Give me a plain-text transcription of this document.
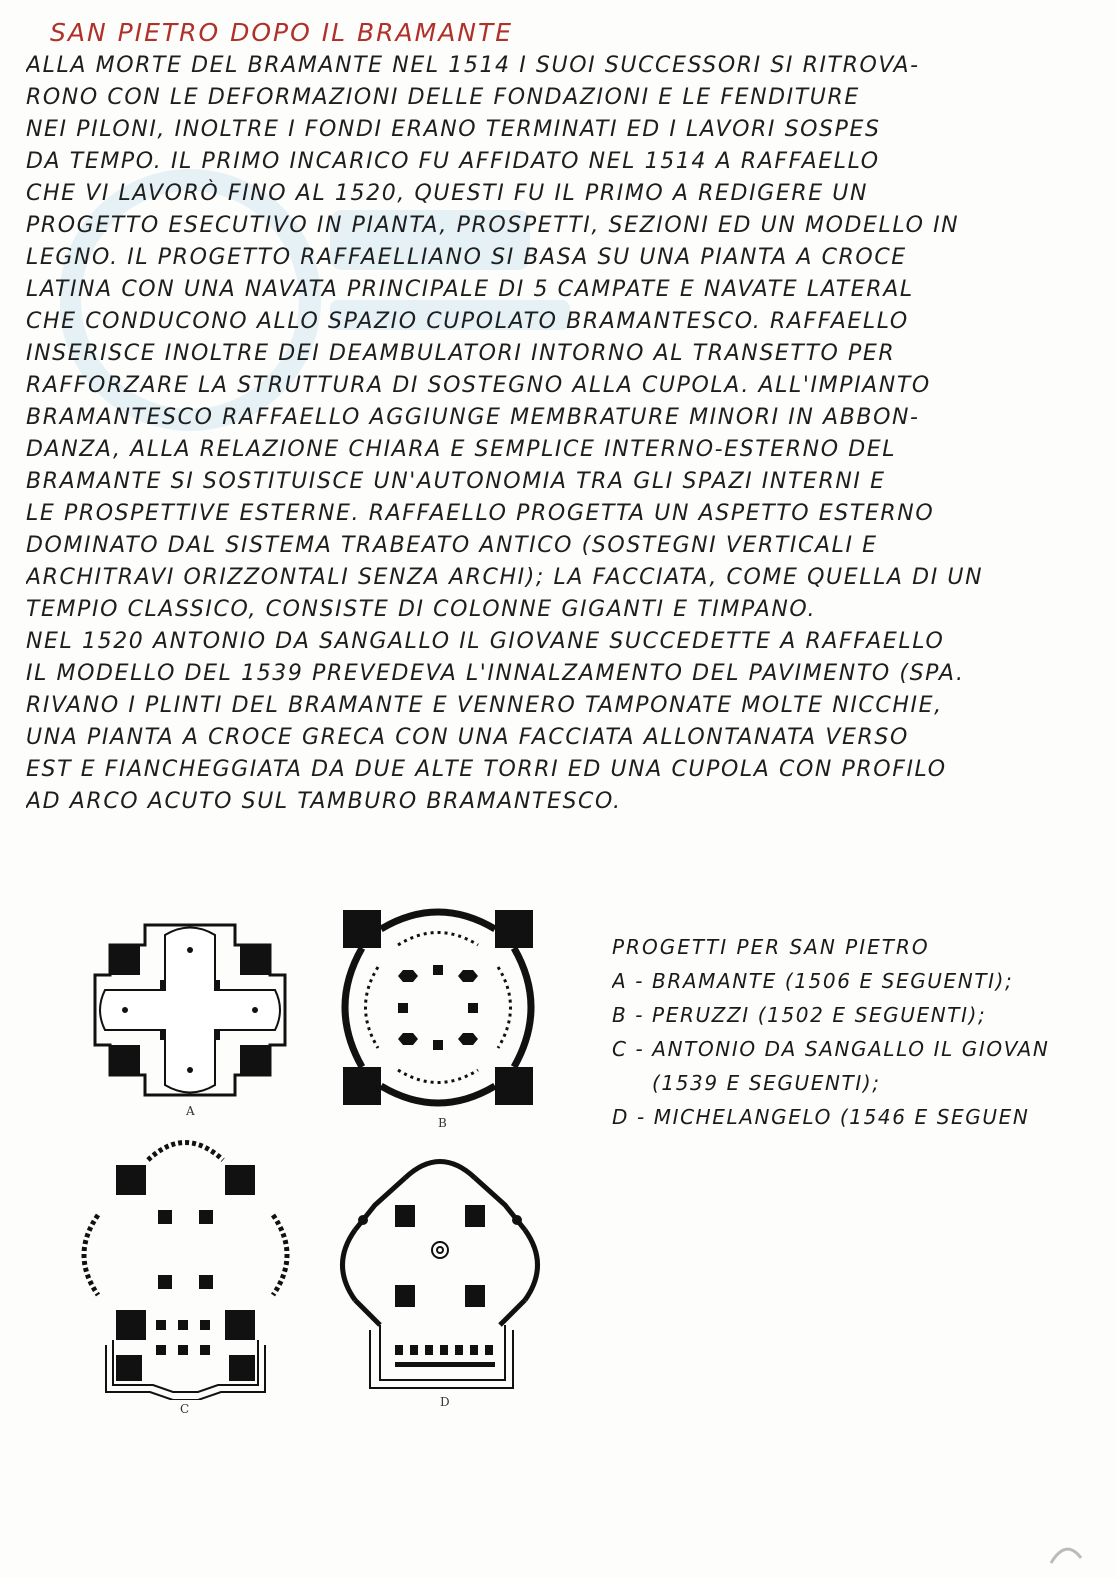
SAN PIETRO DOPO IL BRAMANTE
ALLA MORTE DEL BRAMANTE NEL 1514 I SUOI SUCCESSORI SI RITROVA-
RONO CON LE DEFORMAZIONI DELLE FONDAZIONI E LE FENDITURE
NEI PILONI, INOLTRE I FONDI ERANO TERMINATI ED I LAVORI SOSPES
DA TEMPO. IL PRIMO INCARICO FU AFFIDATO NEL 1514 A RAFFAELLO
CHE VI LAVORÒ FINO AL 1520, QUESTI FU IL PRIMO A REDIGERE UN
PROGETTO ESECUTIVO IN PIANTA, PROSPETTI, SEZIONI ED UN MODELLO IN
LEGNO. IL PROGETTO RAFFAELLIANO SI BASA SU UNA PIANTA A CROCE
LATINA CON UNA NAVATA PRINCIPALE DI 5 CAMPATE E NAVATE LATERAL
CHE CONDUCONO ALLO SPAZIO CUPOLATO BRAMANTESCO. RAFFAELLO
INSERISCE INOLTRE DEI DEAMBULATORI INTORNO AL TRANSETTO PER
RAFFORZARE LA STRUTTURA DI SOSTEGNO ALLA CUPOLA. ALL'IMPIANTO
BRAMANTESCO RAFFAELLO AGGIUNGE MEMBRATURE MINORI IN ABBON-
DANZA, ALLA RELAZIONE CHIARA E SEMPLICE INTERNO-ESTERNO DEL
BRAMANTE SI SOSTITUISCE UN'AUTONOMIA TRA GLI SPAZI INTERNI E
LE PROSPETTIVE ESTERNE. RAFFAELLO PROGETTA UN ASPETTO ESTERNO
DOMINATO DAL SISTEMA TRABEATO ANTICO (SOSTEGNI VERTICALI E
ARCHITRAVI ORIZZONTALI SENZA ARCHI); LA FACCIATA, COME QUELLA DI UN
TEMPIO CLASSICO, CONSISTE DI COLONNE GIGANTI E TIMPANO.
NEL 1520 ANTONIO DA SANGALLO IL GIOVANE SUCCEDETTE A RAFFAELLO
IL MODELLO DEL 1539 PREVEDEVA L'INNALZAMENTO DEL PAVIMENTO (SPA.
RIVANO I PLINTI DEL BRAMANTE E VENNERO TAMPONATE MOLTE NICCHIE,
UNA PIANTA A CROCE GRECA CON UNA FACCIATA ALLONTANATA VERSO
EST E FIANCHEGGIATA DA DUE ALTE TORRI ED UNA CUPOLA CON PROFILO
AD ARCO ACUTO SUL TAMBURO BRAMANTESCO.
A
B
C	D
PROGETTI PER SAN PIETRO
A - BRAMANTE (1506 E SEGUENTI);
B - PERUZZI (1502 E SEGUENTI);
C - ANTONIO DA SANGALLO IL GIOVAN
(1539 E SEGUENTI);
D - MICHELANGELO (1546 E SEGUEN
